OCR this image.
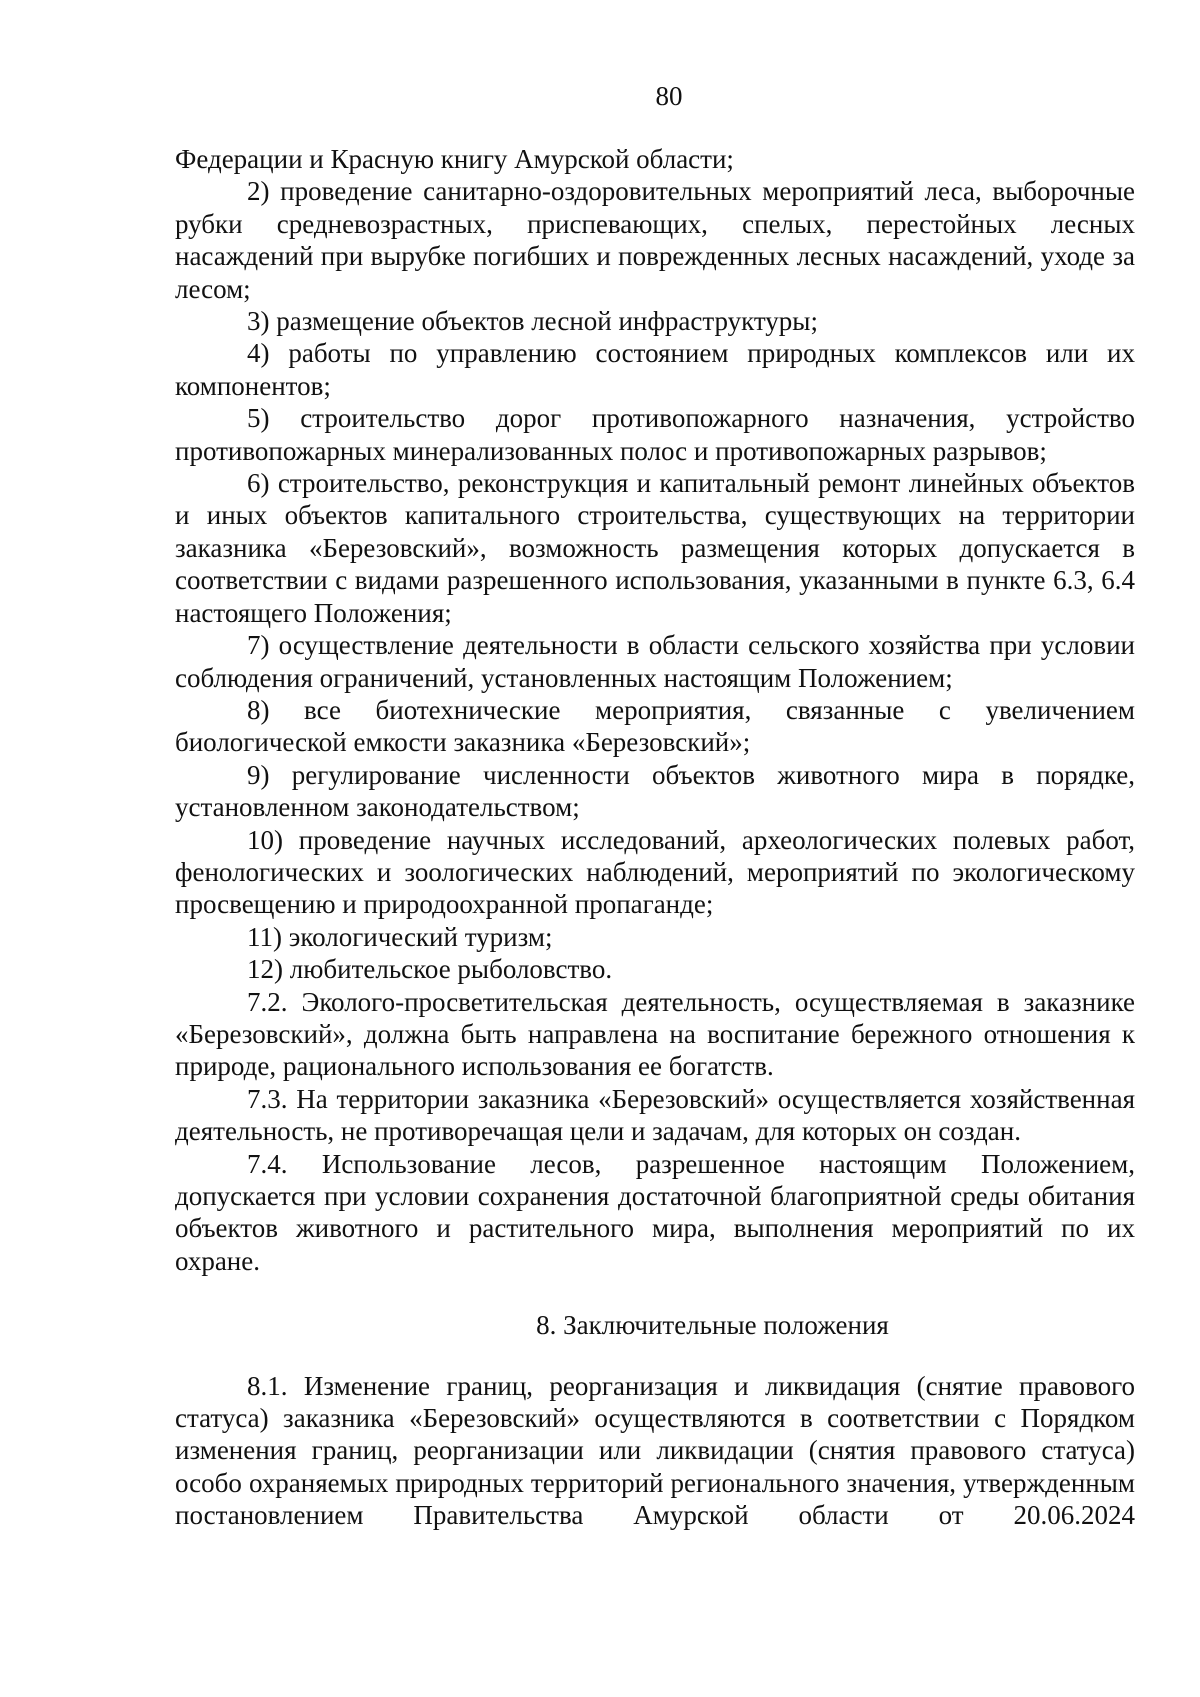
80

Федерации и Красную книгу Амурской области;

2) проведение санитарно-оздоровительных мероприятий леса, выборочные рубки средневозрастных, приспевающих, спелых, перестойных лесных насаждений при вырубке погибших и поврежденных лесных насаждений, уходе за лесом;

3) размещение объектов лесной инфраструктуры;

4) работы по управлению состоянием природных комплексов или их компонентов;

5) строительство дорог противопожарного назначения, устройство противопожарных минерализованных полос и противопожарных разрывов;

6) строительство, реконструкция и капитальный ремонт линейных объектов и иных объектов капитального строительства, существующих на территории заказника «Березовский», возможность размещения которых допускается в соответствии с видами разрешенного использования, указанными в пункте 6.3, 6.4 настоящего Положения;

7) осуществление деятельности в области сельского хозяйства при условии соблюдения ограничений, установленных настоящим Положением;

8) все биотехнические мероприятия, связанные с увеличением биологической емкости заказника «Березовский»;

9) регулирование численности объектов животного мира в порядке, установленном законодательством;

10) проведение научных исследований, археологических полевых работ, фенологических и зоологических наблюдений, мероприятий по экологическому просвещению и природоохранной пропаганде;

11) экологический туризм;

12) любительское рыболовство.

7.2. Эколого-просветительская деятельность, осуществляемая в заказнике «Березовский», должна быть направлена на воспитание бережного отношения к природе, рационального использования ее богатств.

7.3. На территории заказника «Березовский» осуществляется хозяйственная деятельность, не противоречащая цели и задачам, для которых он создан.

7.4. Использование лесов, разрешенное настоящим Положением, допускается при условии сохранения достаточной благоприятной среды обитания объектов животного и растительного мира, выполнения мероприятий по их охране.

8. Заключительные положения

8.1. Изменение границ, реорганизация и ликвидация (снятие правового статуса) заказника «Березовский» осуществляются в соответствии с Порядком изменения границ, реорганизации или ликвидации (снятия правового статуса) особо охраняемых природных территорий регионального значения, утвержденным постановлением Правительства Амурской области от 20.06.2024
